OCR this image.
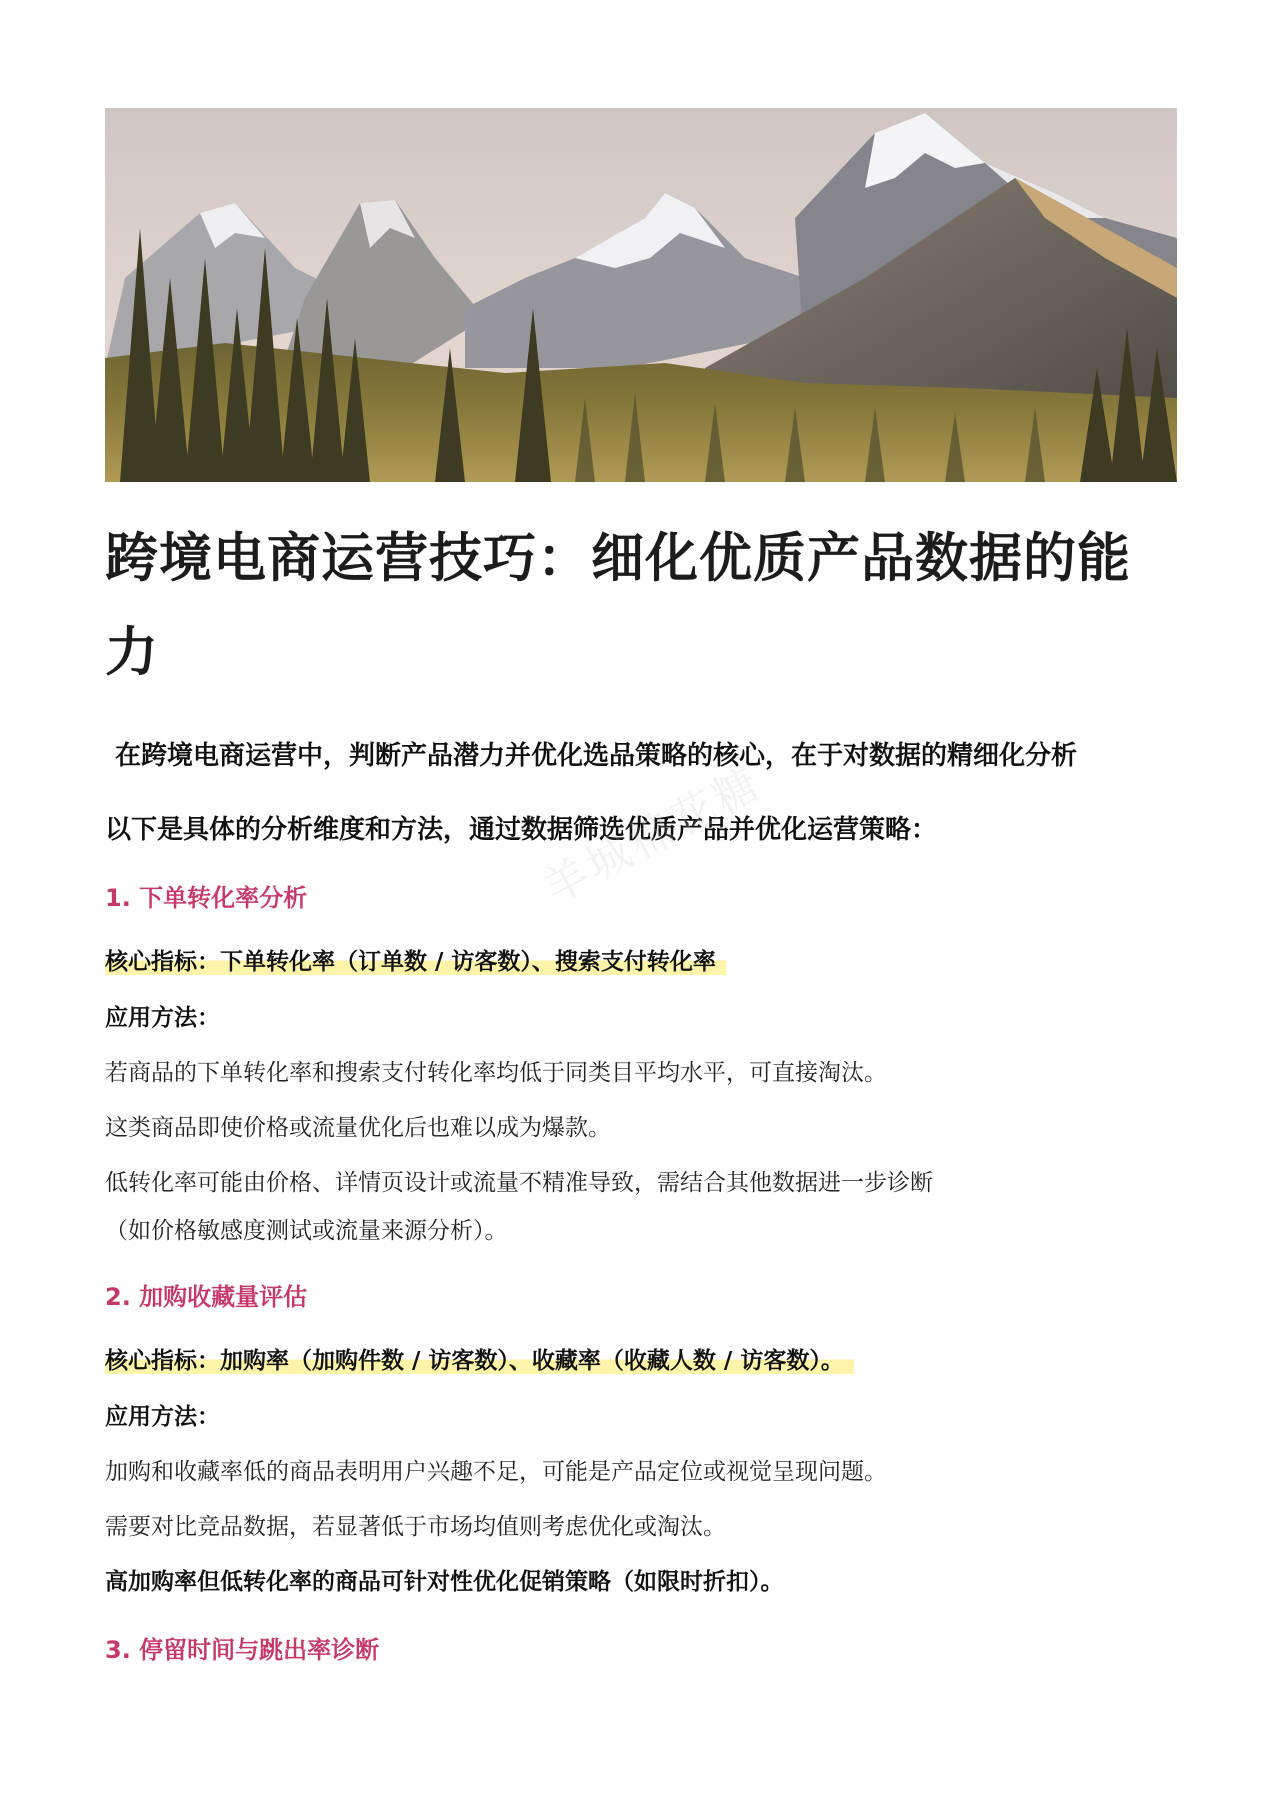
跨境电商运营技巧：细化优质产品数据的能力

在跨境电商运营中，判断产品潜力并优化选品策略的核心，在于对数据的精细化分析

以下是具体的分析维度和方法，通过数据筛选优质产品并优化运营策略：

1. 下单转化率分析
核心指标：下单转化率（订单数 / 访客数）、搜索支付转化率
应用方法：
若商品的下单转化率和搜索支付转化率均低于同类目平均水平，可直接淘汰。
这类商品即使价格或流量优化后也难以成为爆款。
低转化率可能由价格、详情页设计或流量不精准导致，需结合其他数据进一步诊断
（如价格敏感度测试或流量来源分析）。
2. 加购收藏量评估
核心指标：加购率（加购件数 / 访客数）、收藏率（收藏人数 / 访客数）。
应用方法：
加购和收藏率低的商品表明用户兴趣不足，可能是产品定位或视觉呈现问题。
需要对比竞品数据，若显著低于市场均值则考虑优化或淘汰。
高加购率但低转化率的商品可针对性优化促销策略（如限时折扣）。
3. 停留时间与跳出率诊断
羊城棉花糖
